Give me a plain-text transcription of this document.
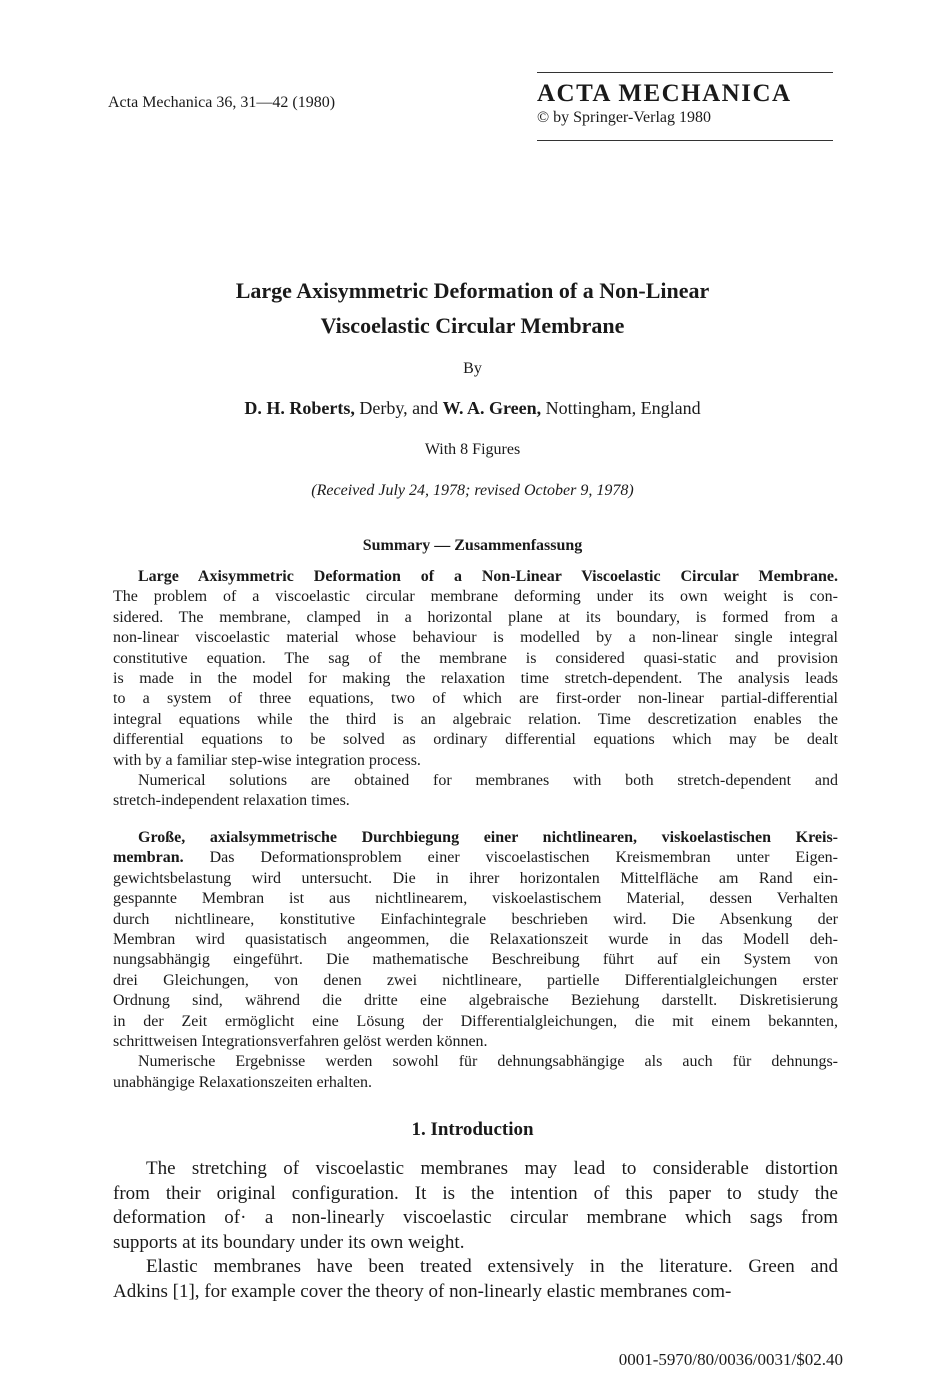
Acta Mechanica 36, 31—42 (1980)	ACTA MECHANICA
© by Springer-Verlag 1980
Large Axisymmetric Deformation of a Non-Linear
Viscoelastic Circular Membrane
By
D. H. Roberts, Derby, and W. A. Green, Nottingham, England
With 8 Figures
(Received July 24, 1978; revised October 9, 1978)
Summary — Zusammenfassung
Large Axisymmetric Deformation of a Non-Linear Viscoelastic Circular Membrane.
The problem of a viscoelastic circular membrane deforming under its own weight is con-
sidered. The membrane, clamped in a horizontal plane at its boundary, is formed from a
non-linear viscoelastic material whose behaviour is modelled by a non-linear single integral
constitutive equation. The sag of the membrane is considered quasi-static and provision
is made in the model for making the relaxation time stretch-dependent. The analysis leads
to a system of three equations, two of which are first-order non-linear partial-differential
integral equations while the third is an algebraic relation. Time descretization enables the
differential equations to be solved as ordinary differential equations which may be dealt
with by a familiar step-wise integration process.
Numerical solutions are obtained for membranes with both stretch-dependent and
stretch-independent relaxation times.
Große, axialsymmetrische Durchbiegung einer nichtlinearen, viskoelastischen Kreis-
membran. Das Deformationsproblem einer viscoelastischen Kreismembran unter Eigen-
gewichtsbelastung wird untersucht. Die in ihrer horizontalen Mittelfläche am Rand ein-
gespannte Membran ist aus nichtlinearem, viskoelastischem Material, dessen Verhalten
durch nichtlineare, konstitutive Einfachintegrale beschrieben wird. Die Absenkung der
Membran wird quasistatisch angeommen, die Relaxationszeit wurde in das Modell deh-
nungsabhängig eingeführt. Die mathematische Beschreibung führt auf ein System von
drei Gleichungen, von denen zwei nichtlineare, partielle Differentialgleichungen erster
Ordnung sind, während die dritte eine algebraische Beziehung darstellt. Diskretisierung
in der Zeit ermöglicht eine Lösung der Differentialgleichungen, die mit einem bekannten,
schrittweisen Integrationsverfahren gelöst werden können.
Numerische Ergebnisse werden sowohl für dehnungsabhängige als auch für dehnungs-
unabhängige Relaxationszeiten erhalten.
1. Introduction
The stretching of viscoelastic membranes may lead to considerable distortion
from their original configuration. It is the intention of this paper to study the
deformation of· a non-linearly viscoelastic circular membrane which sags from
supports at its boundary under its own weight.
Elastic membranes have been treated extensively in the literature. Green and
Adkins [1], for example cover the theory of non-linearly elastic membranes com-
0001-5970/80/0036/0031/$02.40
